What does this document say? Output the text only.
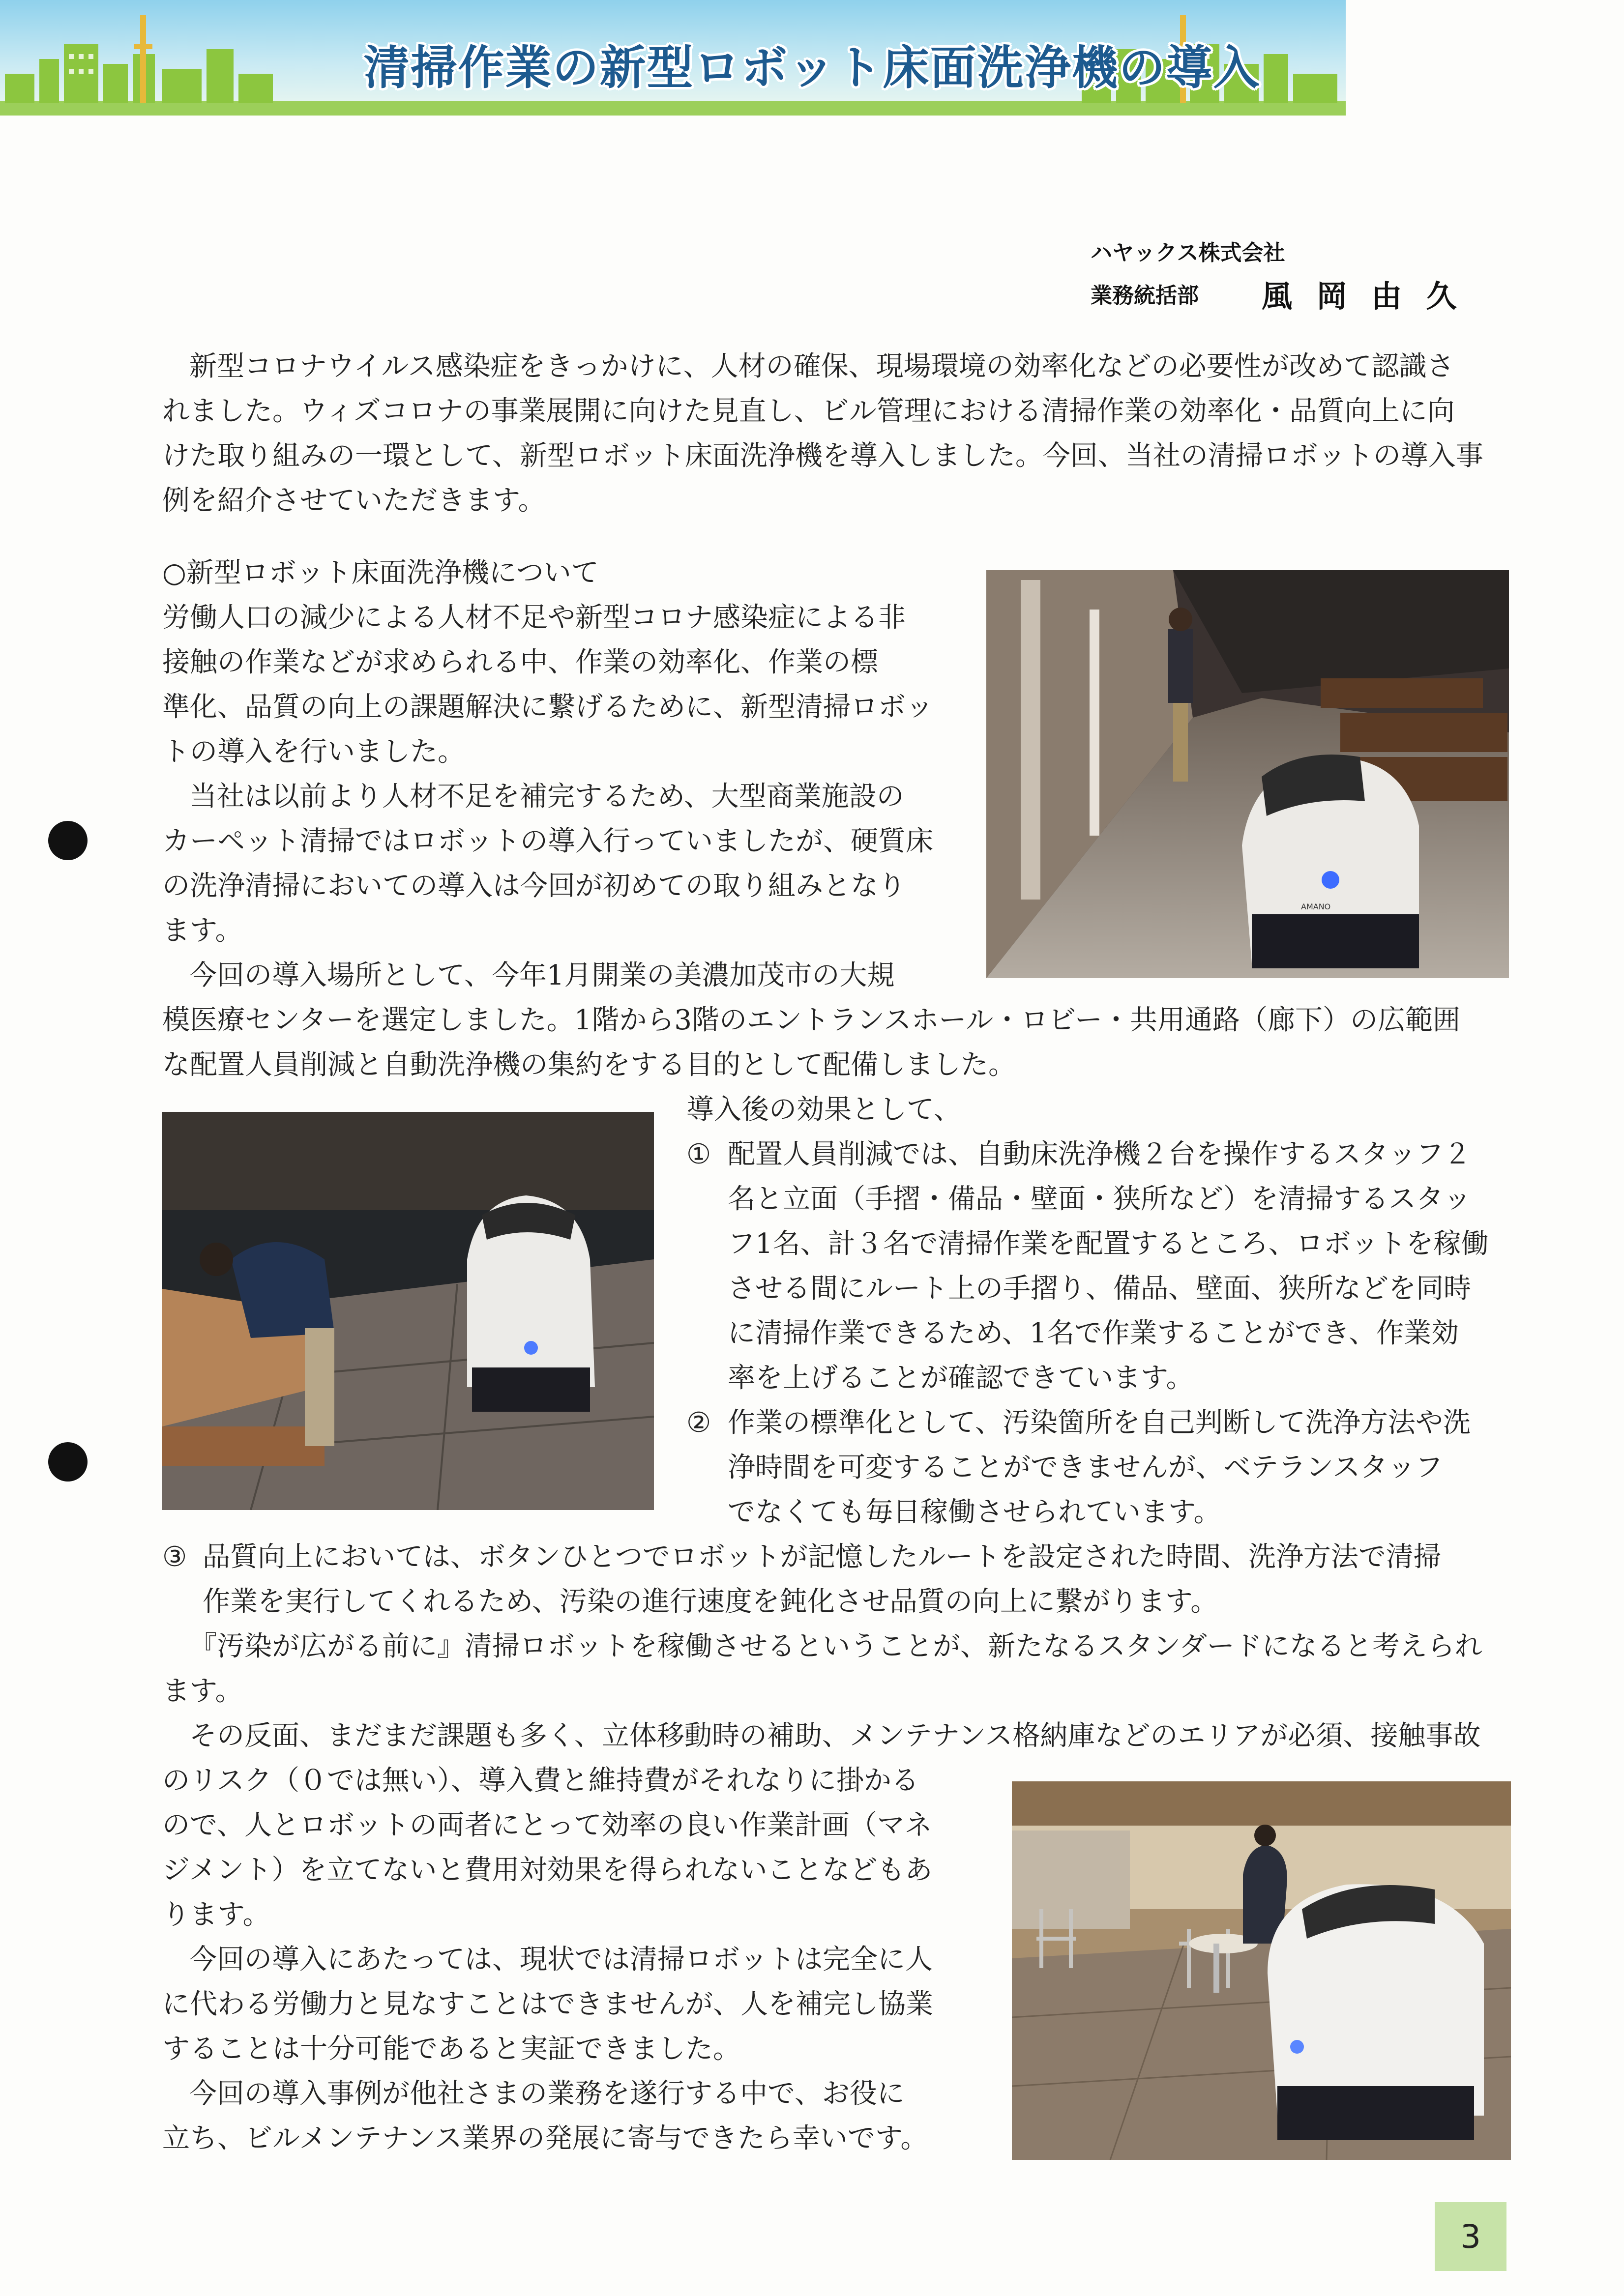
清掃作業の新型ロボット床面洗浄機の導入
ハヤックス株式会社
業務統括部 風 岡 由 久
新型コロナウイルス感染症をきっかけに、人材の確保、現場環境の効率化などの必要性が改めて認識さ
れました。ウィズコロナの事業展開に向けた見直し、ビル管理における清掃作業の効率化・品質向上に向
けた取り組みの一環として、新型ロボット床面洗浄機を導入しました。今回、当社の清掃ロボットの導入事
例を紹介させていただきます。
○新型ロボット床面洗浄機について
労働人口の減少による人材不足や新型コロナ感染症による非
接触の作業などが求められる中、作業の効率化、作業の標
準化、品質の向上の課題解決に繋げるために、新型清掃ロボッ
トの導入を行いました。
当社は以前より人材不足を補完するため、大型商業施設の
カーペット清掃ではロボットの導入行っていましたが、硬質床
の洗浄清掃においての導入は今回が初めての取り組みとなり
ます。
今回の導入場所として、今年1月開業の美濃加茂市の大規
模医療センターを選定しました。1階から3階のエントランスホール・ロビー・共用通路（廊下）の広範囲
な配置人員削減と自動洗浄機の集約をする目的として配備しました。
AMANO
導入後の効果として、
① 配置人員削減では、自動床洗浄機２台を操作するスタッフ２
名と立面（手摺・備品・壁面・狭所など）を清掃するスタッ
フ1名、計３名で清掃作業を配置するところ、ロボットを稼働
させる間にルート上の手摺り、備品、壁面、狭所などを同時
に清掃作業できるため、1名で作業することができ、作業効
率を上げることが確認できています。
② 作業の標準化として、汚染箇所を自己判断して洗浄方法や洗
浄時間を可変することができませんが、ベテランスタッフ
でなくても毎日稼働させられています。
③ 品質向上においては、ボタンひとつでロボットが記憶したルートを設定された時間、洗浄方法で清掃
作業を実行してくれるため、汚染の進行速度を鈍化させ品質の向上に繋がります。
『汚染が広がる前に』清掃ロボットを稼働させるということが、新たなるスタンダードになると考えられ
ます。
その反面、まだまだ課題も多く、立体移動時の補助、メンテナンス格納庫などのエリアが必須、接触事故
のリスク（０では無い）、導入費と維持費がそれなりに掛かる
ので、人とロボットの両者にとって効率の良い作業計画（マネ
ジメント）を立てないと費用対効果を得られないことなどもあ
ります。
今回の導入にあたっては、現状では清掃ロボットは完全に人
に代わる労働力と見なすことはできませんが、人を補完し協業
することは十分可能であると実証できました。
今回の導入事例が他社さまの業務を遂行する中で、お役に
立ち、ビルメンテナンス業界の発展に寄与できたら幸いです。
3
